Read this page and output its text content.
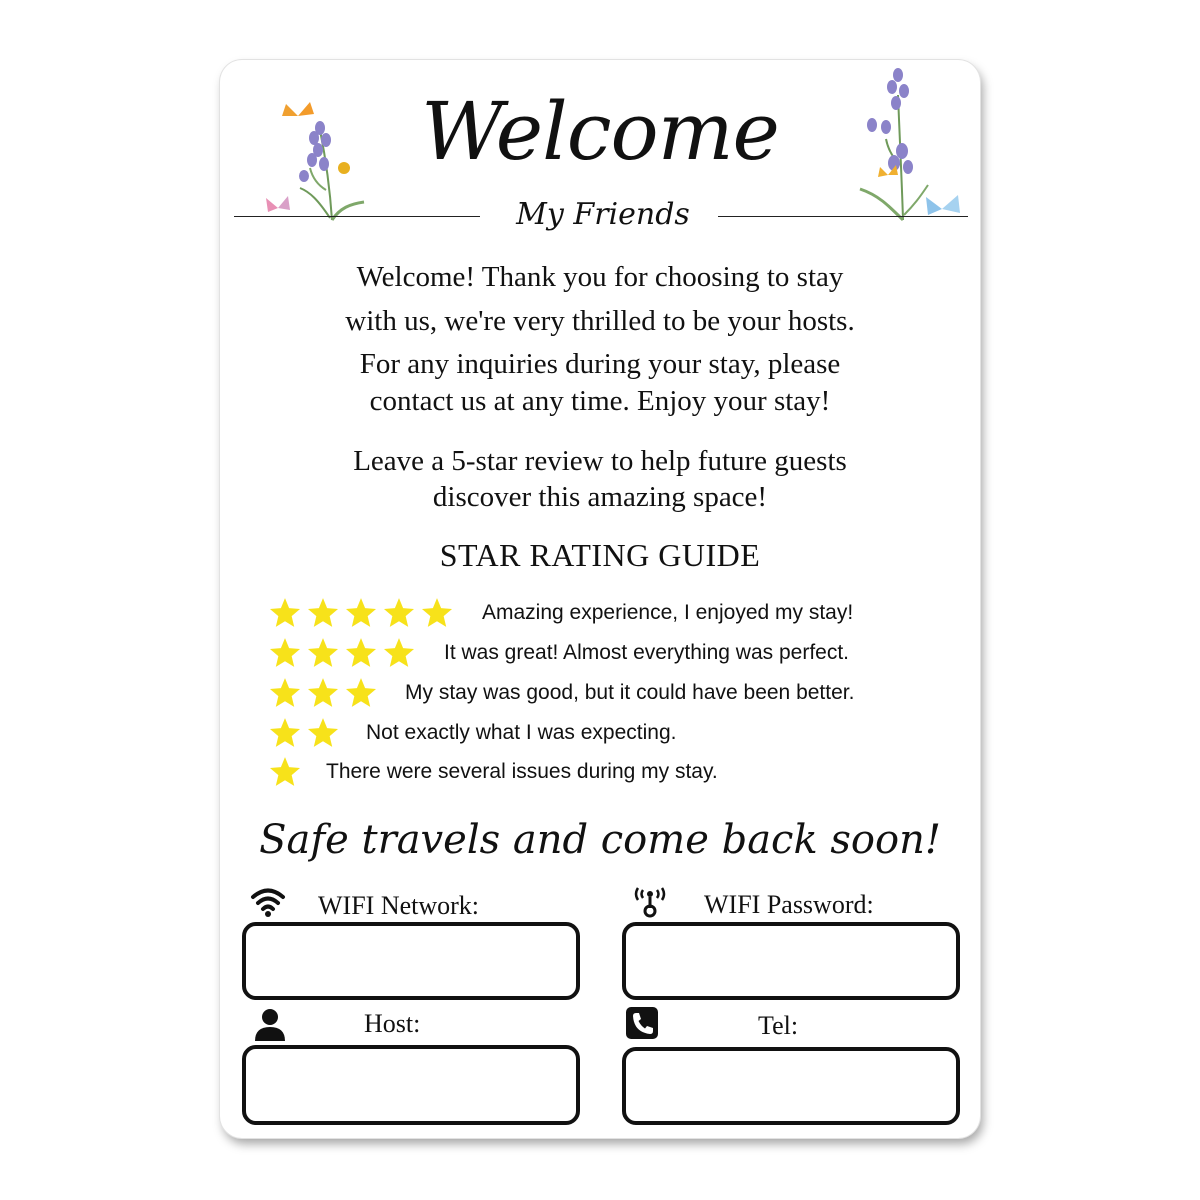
Welcome
My Friends
Welcome! Thank you for choosing to stay
with us, we're very thrilled to be your hosts.
For any inquiries during your stay, please
contact us at any time. Enjoy your stay!
Leave a 5-star review to help future guests
discover this amazing space!
STAR RATING GUIDE
Amazing experience, I enjoyed my stay!
It was great! Almost everything was perfect.
My stay was good, but it could have been better.
Not exactly what I was expecting.
There were several issues during my stay.
Safe travels and come back soon!
WIFI Network:	WIFI Password:
Host:	Tel:
